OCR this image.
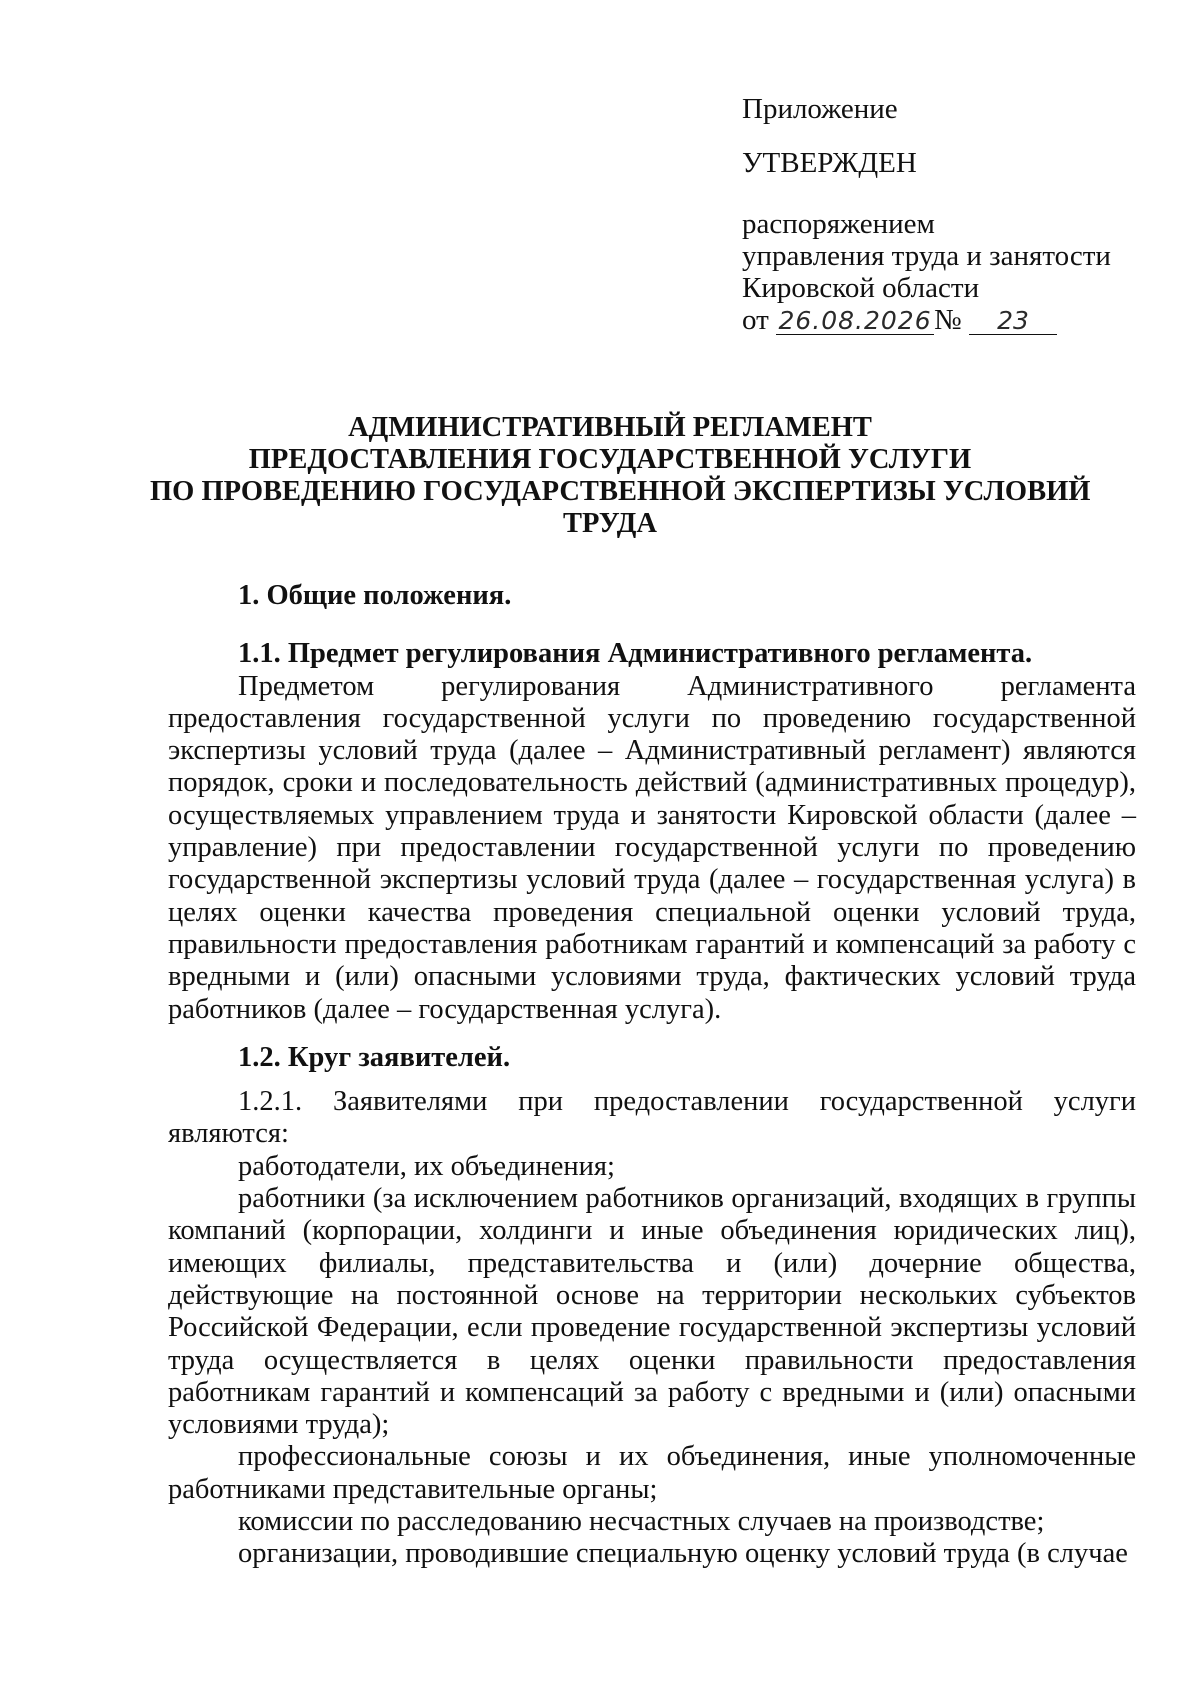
Приложение
УТВЕРЖДЕН
распоряжением
управления труда и занятости
Кировской области
от 26.08.2026№ 23
АДМИНИСТРАТИВНЫЙ РЕГЛАМЕНТ
ПРЕДОСТАВЛЕНИЯ ГОСУДАРСТВЕННОЙ УСЛУГИ
ПО ПРОВЕДЕНИЮ ГОСУДАРСТВЕННОЙ ЭКСПЕРТИЗЫ УСЛОВИЙ
ТРУДА

1. Общие положения.

1.1. Предмет регулирования Административного регламента.

Предметом регулирования Административного регламента предоставления государственной услуги по проведению государственной экспертизы условий труда (далее – Административный регламент) являются порядок, сроки и последовательность действий (административных процедур), осуществляемых управлением труда и занятости Кировской области (далее – управление) при предоставлении государственной услуги по проведению государственной экспертизы условий труда (далее – государственная услуга) в целях оценки качества проведения специальной оценки условий труда, правильности предоставления работникам гарантий и компенсаций за работу с вредными и (или) опасными условиями труда, фактических условий труда работников (далее – государственная услуга).

1.2. Круг заявителей.

1.2.1. Заявителями при предоставлении государственной услуги являются:

работодатели, их объединения;

работники (за исключением работников организаций, входящих в группы компаний (корпорации, холдинги и иные объединения юридических лиц), имеющих филиалы, представительства и (или) дочерние общества, действующие на постоянной основе на территории нескольких субъектов Российской Федерации, если проведение государственной экспертизы условий труда осуществляется в целях оценки правильности предоставления работникам гарантий и компенсаций за работу с вредными и (или) опасными условиями труда);

профессиональные союзы и их объединения, иные уполномоченные работниками представительные органы;

комиссии по расследованию несчастных случаев на производстве;

организации, проводившие специальную оценку условий труда (в случае
